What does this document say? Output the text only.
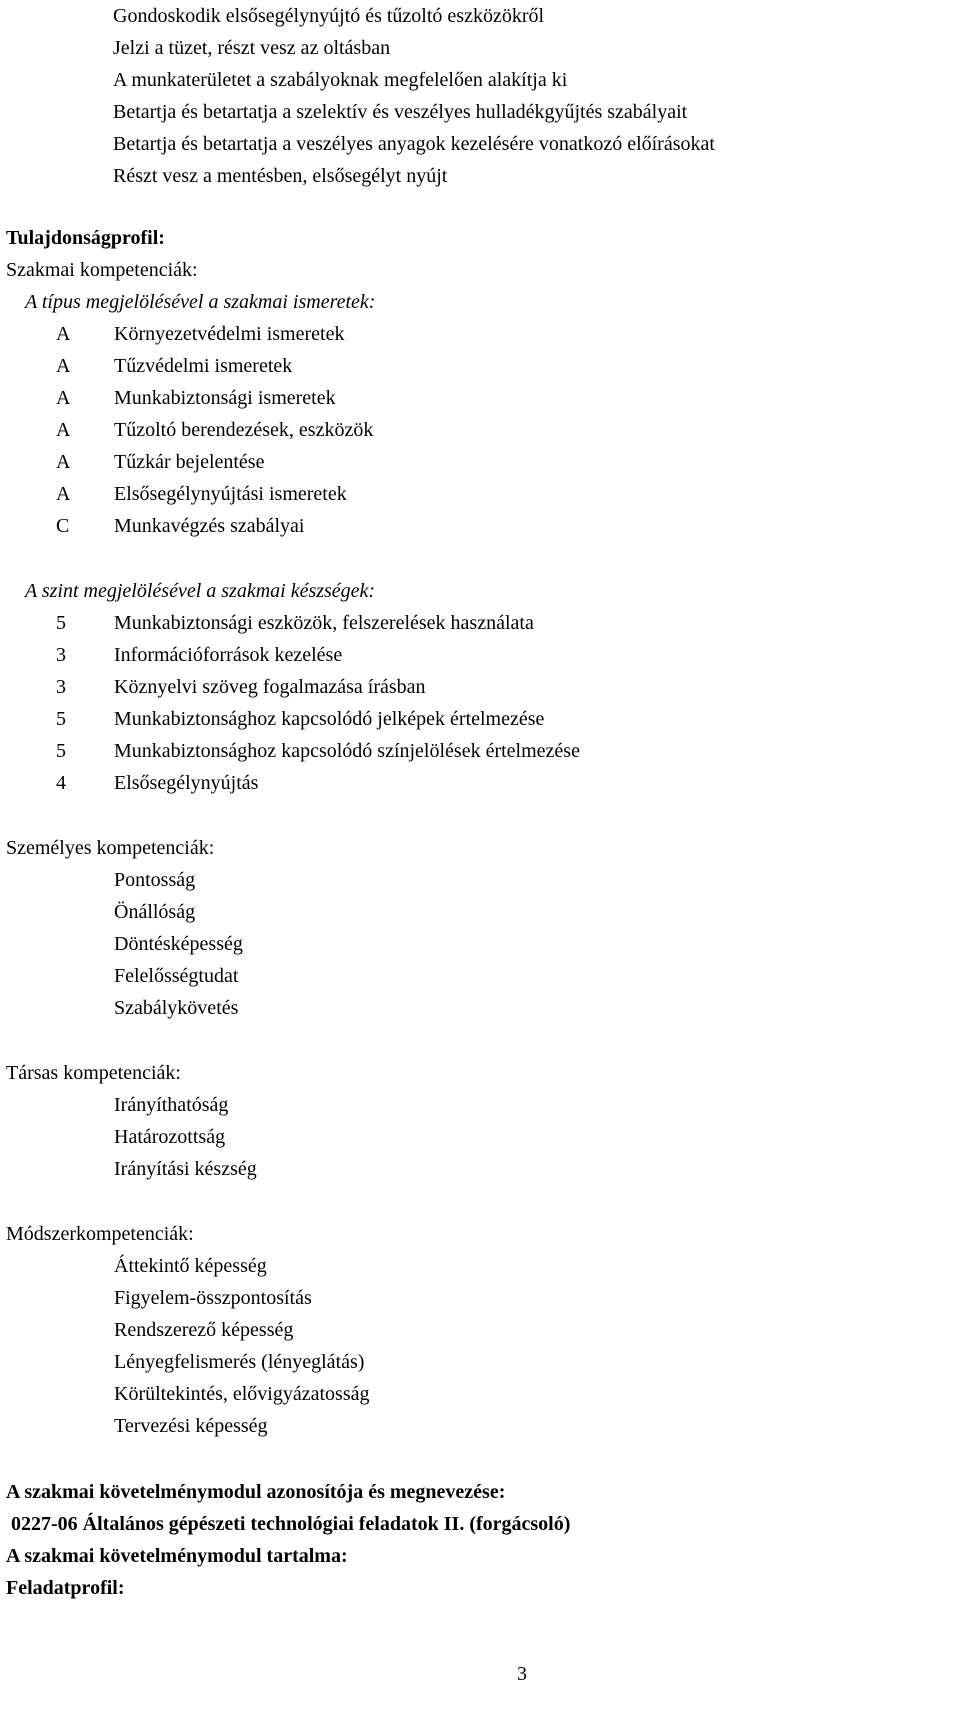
Gondoskodik elsősegélynyújtó és tűzoltó eszközökről
Jelzi a tüzet, részt vesz az oltásban
A munkaterületet a szabályoknak megfelelően alakítja ki
Betartja és betartatja a szelektív és veszélyes hulladékgyűjtés szabályait
Betartja és betartatja a veszélyes anyagok kezelésére vonatkozó előírásokat
Részt vesz a mentésben, elsősegélyt nyújt
Tulajdonságprofil:
Szakmai kompetenciák:
A típus megjelölésével a szakmai ismeretek:
A Környezetvédelmi ismeretek
A Tűzvédelmi ismeretek
A Munkabiztonsági ismeretek
A Tűzoltó berendezések, eszközök
A Tűzkár bejelentése
A Elsősegélynyújtási ismeretek
C Munkavégzés szabályai
A szint megjelölésével a szakmai készségek:
5 Munkabiztonsági eszközök, felszerelések használata
3 Információforrások kezelése
3 Köznyelvi szöveg fogalmazása írásban
5 Munkabiztonsághoz kapcsolódó jelképek értelmezése
5 Munkabiztonsághoz kapcsolódó színjelölések értelmezése
4 Elsősegélynyújtás
Személyes kompetenciák:
Pontosság
Önállóság
Döntésképesség
Felelősségtudat
Szabálykövetés
Társas kompetenciák:
Irányíthatóság
Határozottság
Irányítási készség
Módszerkompetenciák:
Áttekintő képesség
Figyelem-összpontosítás
Rendszerező képesség
Lényegfelismerés (lényeglátás)
Körültekintés, elővigyázatosság
Tervezési képesség
A szakmai követelménymodul azonosítója és megnevezése:
0227-06 Általános gépészeti technológiai feladatok II. (forgácsoló)
A szakmai követelménymodul tartalma:
Feladatprofil:
3
